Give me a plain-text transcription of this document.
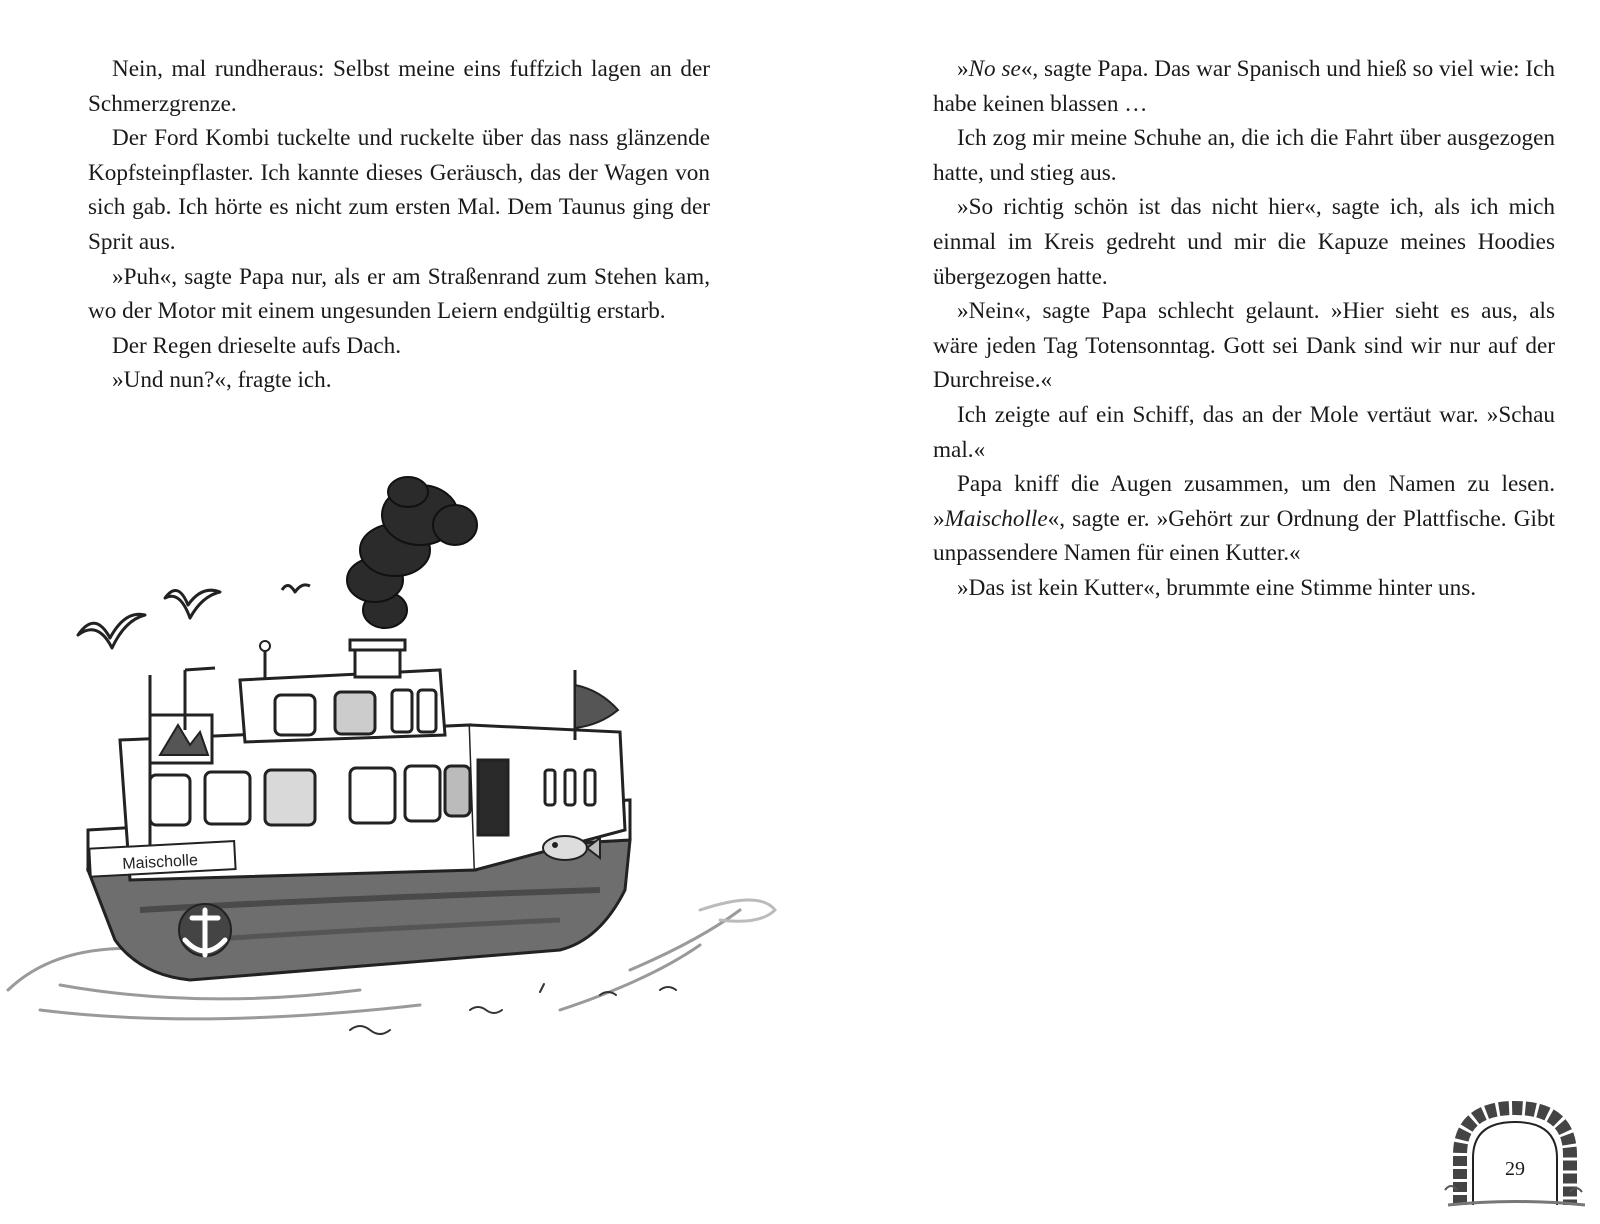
Nein, mal rundheraus: Selbst meine eins fuffzich lagen an der Schmerzgrenze.

Der Ford Kombi tuckelte und ruckelte über das nass glänzende Kopfsteinpflaster. Ich kannte dieses Geräusch, das der Wagen von sich gab. Ich hörte es nicht zum ersten Mal. Dem Taunus ging der Sprit aus.

»Puh«, sagte Papa nur, als er am Straßenrand zum Stehen kam, wo der Motor mit einem ungesunden Leiern endgültig erstarb.

Der Regen drieselte aufs Dach.

»Und nun?«, fragte ich.

Maischolle

»No se«, sagte Papa. Das war Spanisch und hieß so viel wie: Ich habe keinen blassen …

Ich zog mir meine Schuhe an, die ich die Fahrt über ausgezogen hatte, und stieg aus.

»So richtig schön ist das nicht hier«, sagte ich, als ich mich einmal im Kreis gedreht und mir die Kapuze meines Hoodies übergezogen hatte.

»Nein«, sagte Papa schlecht gelaunt. »Hier sieht es aus, als wäre jeden Tag Totensonntag. Gott sei Dank sind wir nur auf der Durchreise.«

Ich zeigte auf ein Schiff, das an der Mole vertäut war. »Schau mal.«

Papa kniff die Augen zusammen, um den Namen zu lesen. »Maischolle«, sagte er. »Gehört zur Ordnung der Plattfische. Gibt unpassendere Namen für einen Kutter.«

»Das ist kein Kutter«, brummte eine Stimme hinter uns.

29
